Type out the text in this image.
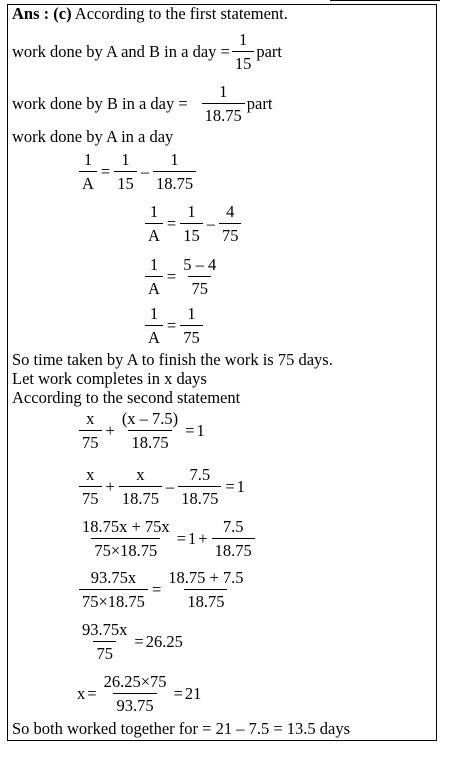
Ans : (c) According to the first statement.
work done by A and B in a day = $\frac{1}{15}$ part
work done by B in a day = $\frac{1}{18.75}$ part
work done by A in a day
$\frac{1}{A} = \frac{1}{15} - \frac{1}{18.75}$
$\frac{1}{A} = \frac{1}{15} - \frac{4}{75}$
$\frac{1}{A} = \frac{5 - 4}{75}$
$\frac{1}{A} = \frac{1}{75}$
So time taken by A to finish the work is 75 days.
Let work completes in x days
According to the second statement
$\frac{x}{75} + \frac{(x - 7.5)}{18.75} = 1$
$\frac{x}{75} + \frac{x}{18.75} - \frac{7.5}{18.75} = 1$
$\frac{18.75x + 75x}{75\times 18.75} = 1 + \frac{7.5}{18.75}$
$\frac{93.75x}{75\times 18.75} = \frac{18.75 + 7.5}{18.75}$
$\frac{93.75x}{75} = 26.25$
$x = \frac{26.25\times 75}{93.75} = 21$
So both worked together for = 21 – 7.5 = 13.5 days
